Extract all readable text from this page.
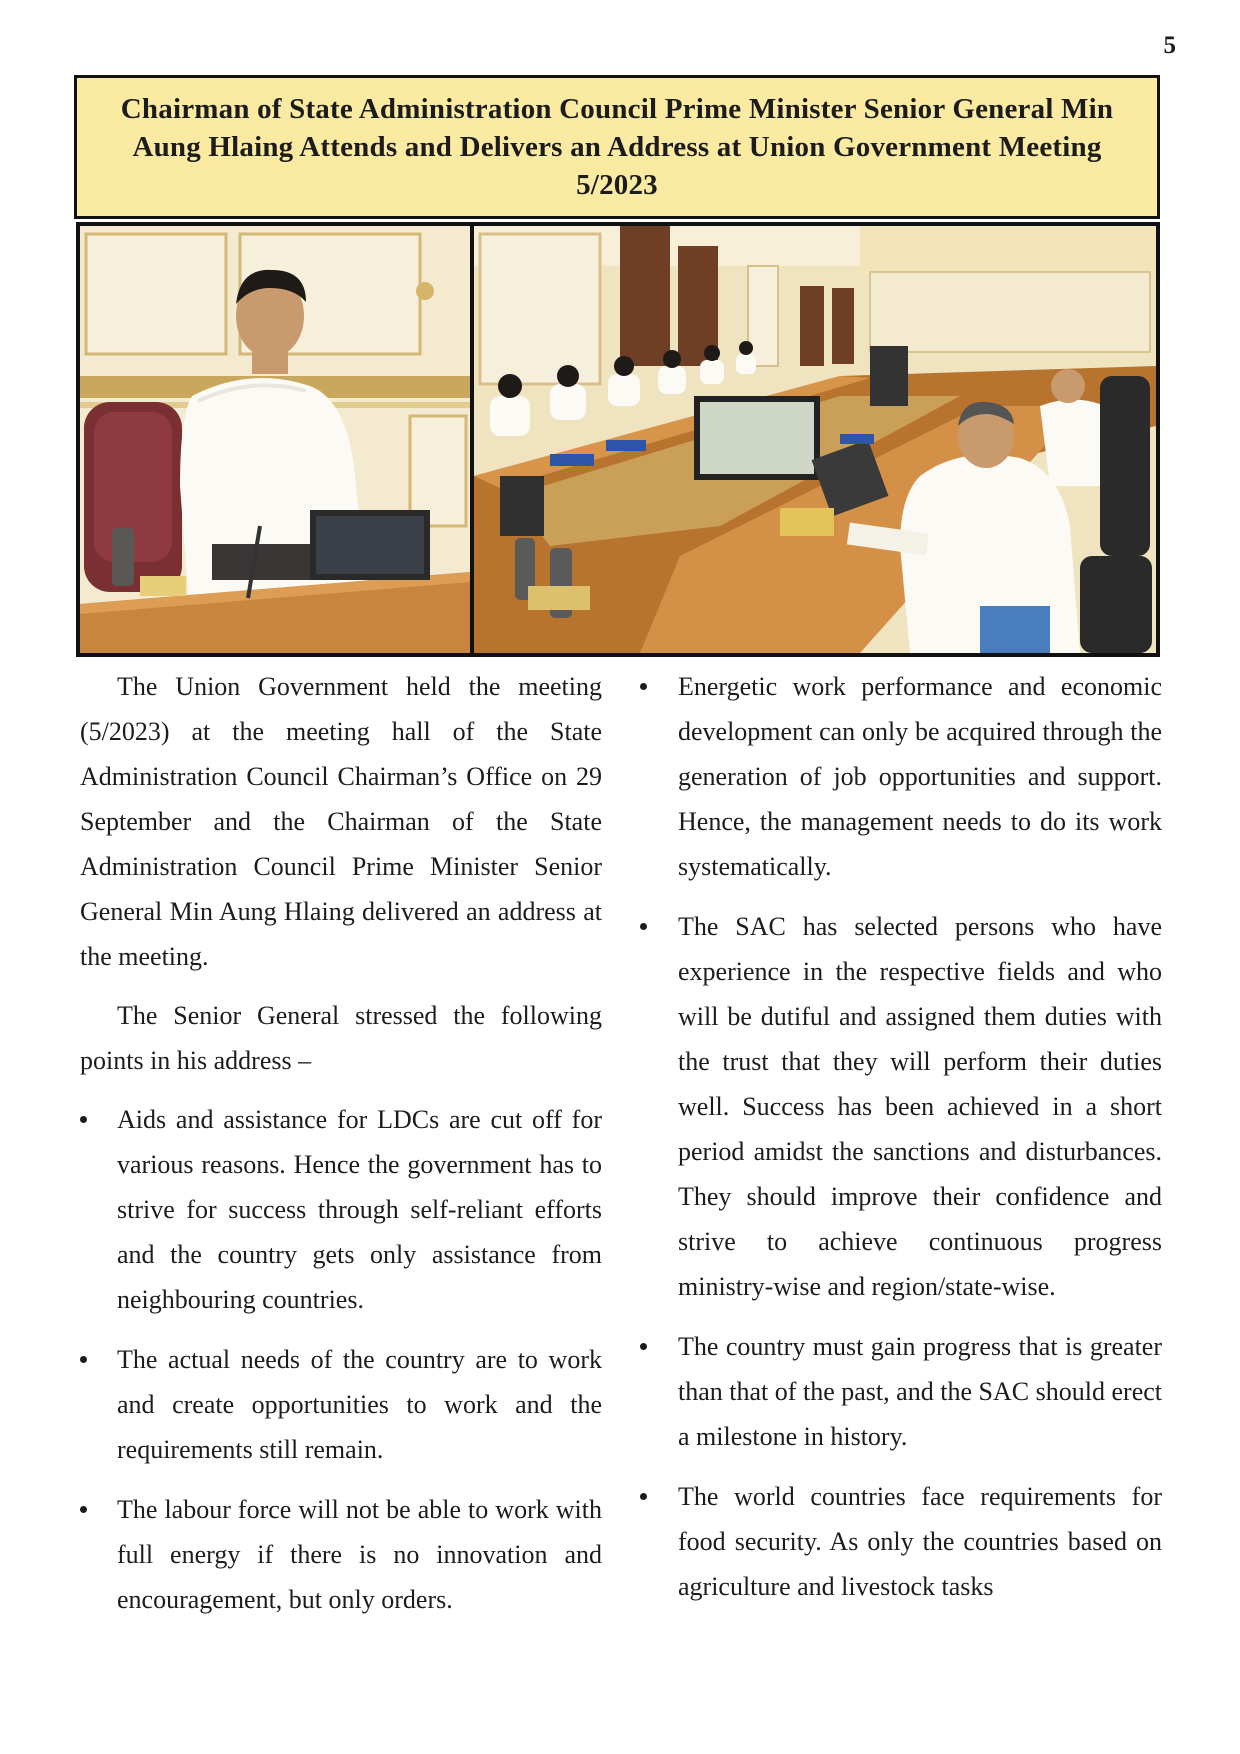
5
Chairman of State Administration Council Prime Minister Senior General Min Aung Hlaing Attends and Delivers an Address at Union Government Meeting 5/2023

The Union Government held the meeting (5/2023) at the meeting hall of the State Administration Council Chairman’s Office on 29 September and the Chairman of the State Administration Council Prime Minister Senior General Min Aung Hlaing delivered an address at the meeting.

The Senior General stressed the following points in his address –

Aids and assistance for LDCs are cut off for various reasons. Hence the government has to strive for success through self-reliant efforts and the country gets only assistance from neighbouring countries.
The actual needs of the country are to work and create opportunities to work and the requirements still remain.
The labour force will not be able to work with full energy if there is no innovation and encouragement, but only orders.
Energetic work performance and economic development can only be acquired through the generation of job opportunities and support. Hence, the management needs to do its work systematically.
The SAC has selected persons who have experience in the respective fields and who will be dutiful and assigned them duties with the trust that they will perform their duties well. Success has been achieved in a short period amidst the sanctions and disturbances. They should improve their confidence and strive to achieve continuous progress ministry-wise and region/state-wise.
The country must gain progress that is greater than that of the past, and the SAC should erect a milestone in history.
The world countries face requirements for food security. As only the countries based on agriculture and livestock tasks
